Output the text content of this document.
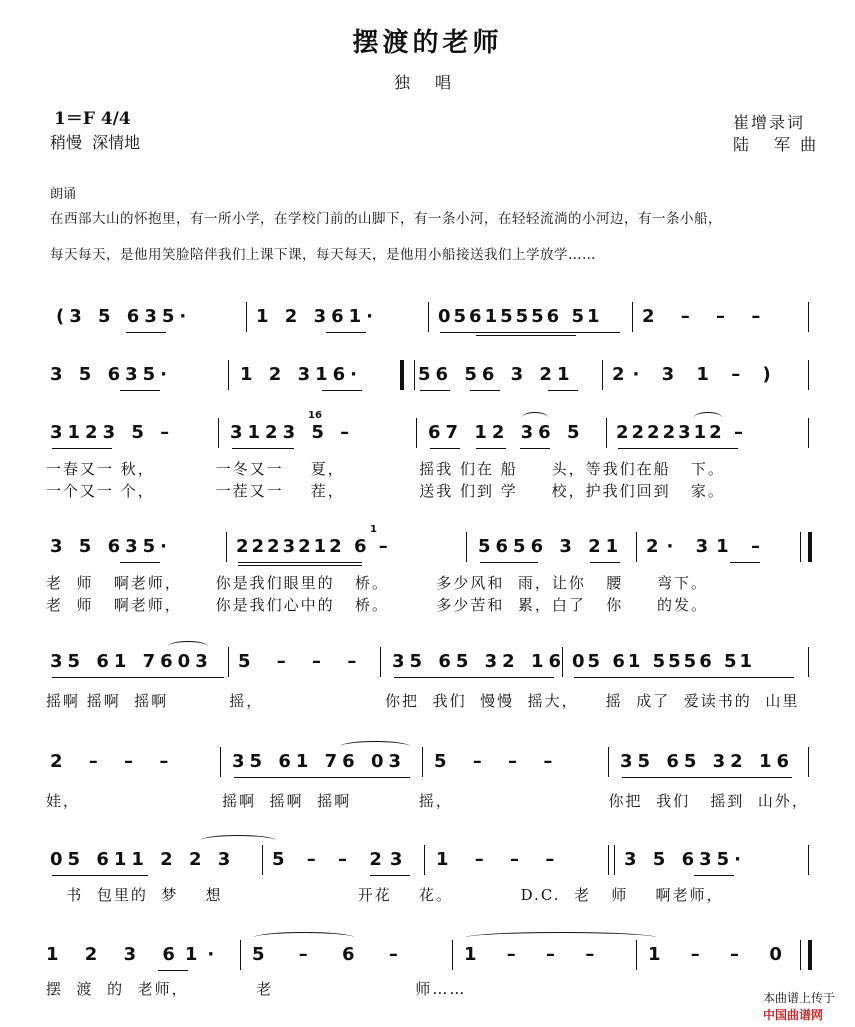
摆渡的老师
独 唱
1＝F 4/4
稍慢  深情地
崔增录词
陆 军曲
朗诵
在西部大山的怀抱里，有一所小学，在学校门前的山脚下，有一条小河，在轻轻流淌的小河边，有一条小船，
每天每天，是他用笑脸陪伴我们上课下课，每天每天，是他用小船接送我们上学放学……
(3 5 635·	1 2 361·	05615556 51 2 – – –
3 5 635·	1 2 316·	56 56 3 21 2· 3 1 – )
3123 5 –	3123 5 –
16
67 12 36 5 2222312 –
一春又一 秋，         一冬又一    夏，           摇我 们在 船     头，等我们在船   下。
一个又一 个，         一茬又一    茬，           送我 们到 学     校，护我们回到   家。
3 5 635·	2223212 6 –
1
5656 3 21 2· 31 –
老  师   啊老师，     你是我们眼里的   桥。       多少风和  雨，让你   腰     弯下。
老  师   啊老师，     你是我们心中的   桥。       多少苦和  累，白了   你     的发。
35 61 7603 5 – – – 35 65 32 16 05 61 5556 51
摇啊 摇啊  摇啊         摇，                  你把  我们  慢慢  摇大，    摇  成了  爱读书的  山里
2 – – –	35 61 76 03 5 – – –	35 65 32 16
娃，                     摇啊  摇啊  摇啊          摇，                       你把  我们   摇到  山外，
05 611 2 2 3 5 – – 23 1 – – –	3 5 635·
书  包里的  梦    想                    开花    花。          D.C.  老   师    啊老师，
1 2 3 61· 5 – 6 –	1 – – – 1 – – 0
摆  渡  的  老师，          老                     师……	本曲谱上传于
中国曲谱网
